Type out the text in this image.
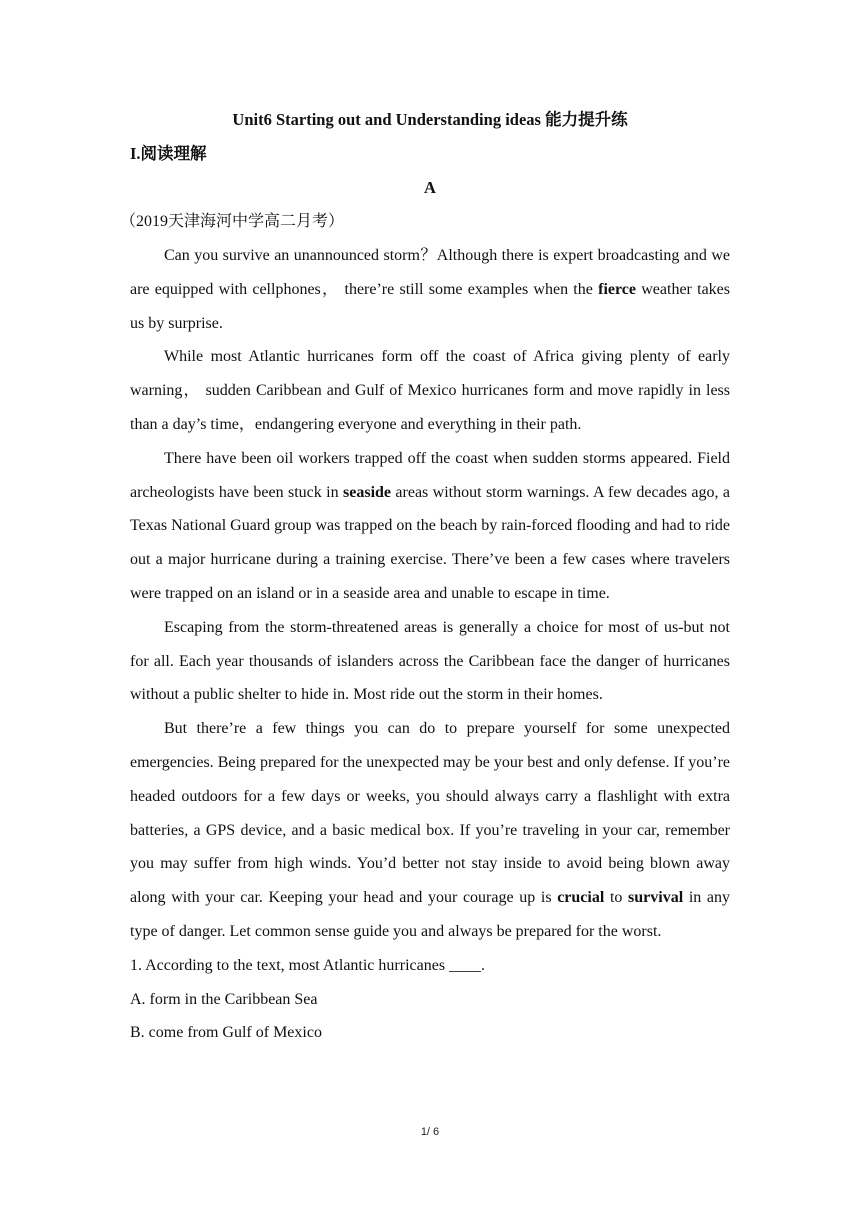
Unit6 Starting out and Understanding ideas 能力提升练

I.阅读理解

A

（2019天津海河中学高二月考）

Can you survive an unannounced storm？Although there is expert broadcasting and we are equipped with cellphones， there’re still some examples when the fierce weather takes us by surprise.

While most Atlantic hurricanes form off the coast of Africa giving plenty of early warning， sudden Caribbean and Gulf of Mexico hurricanes form and move rapidly in less than a day’s time，endangering everyone and everything in their path.

There have been oil workers trapped off the coast when sudden storms appeared. Field archeologists have been stuck in seaside areas without storm warnings. A few decades ago, a Texas National Guard group was trapped on the beach by rain-forced flooding and had to ride out a major hurricane during a training exercise. There’ve been a few cases where travelers were trapped on an island or in a seaside area and unable to escape in time.

Escaping from the storm-threatened areas is generally a choice for most of us-but not for all. Each year thousands of islanders across the Caribbean face the danger of hurricanes without a public shelter to hide in. Most ride out the storm in their homes.

But there’re a few things you can do to prepare yourself for some unexpected emergencies. Being prepared for the unexpected may be your best and only defense. If you’re headed outdoors for a few days or weeks, you should always carry a flashlight with extra batteries, a GPS device, and a basic medical box. If you’re traveling in your car, remember you may suffer from high winds. You’d better not stay inside to avoid being blown away along with your car. Keeping your head and your courage up is crucial to survival in any type of danger. Let common sense guide you and always be prepared for the worst.

1. According to the text, most Atlantic hurricanes ____.

A. form in the Caribbean Sea

B. come from Gulf of Mexico

1/ 6
